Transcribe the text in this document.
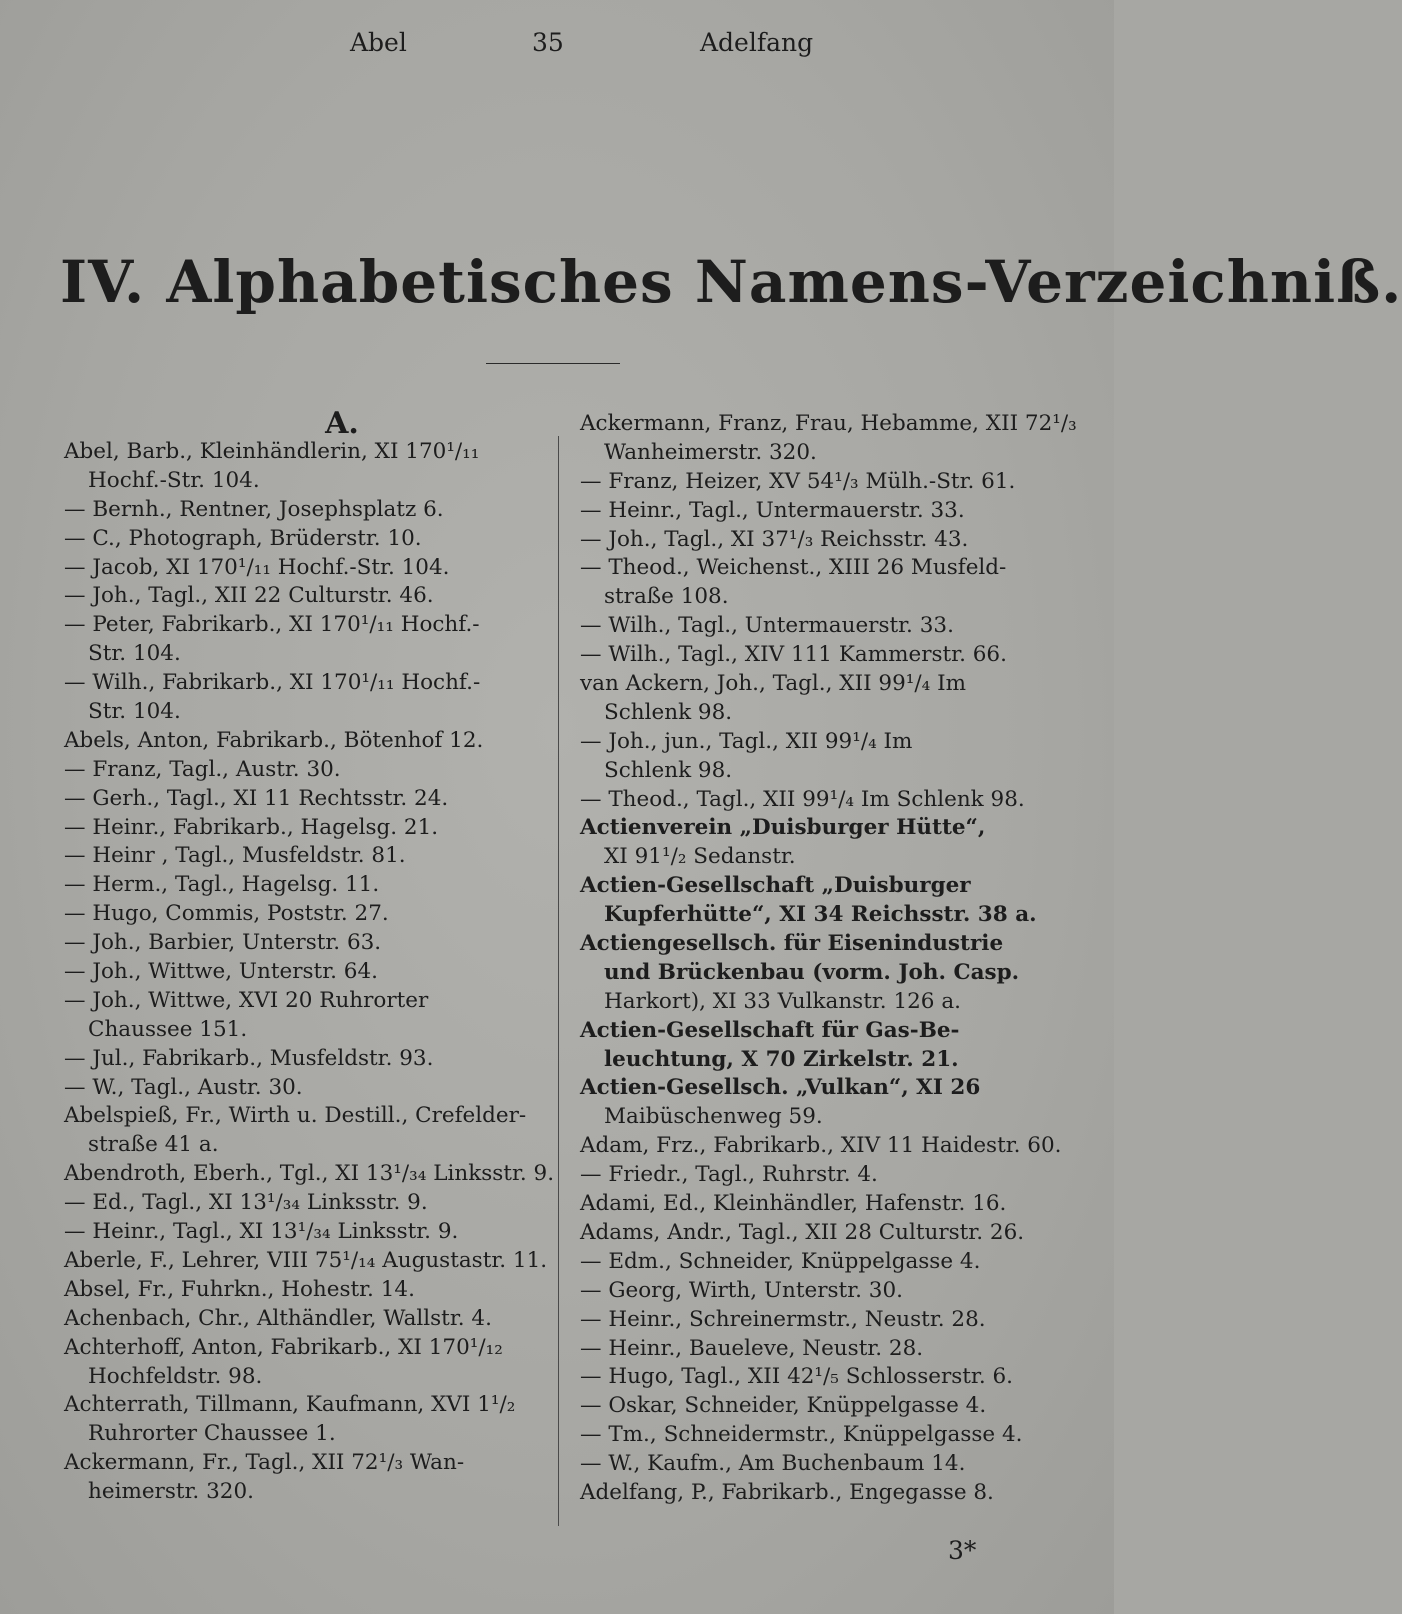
Abel	35	Adelfang
IV. Alphabetisches Namens-Verzeichniß.
A.
Abel, Barb., Kleinhändlerin, XI 170¹/₁₁
Hochf.-Str. 104.
— Bernh., Rentner, Josephsplatz 6.
— C., Photograph, Brüderstr. 10.
— Jacob, XI 170¹/₁₁ Hochf.-Str. 104.
— Joh., Tagl., XII 22 Culturstr. 46.
— Peter, Fabrikarb., XI 170¹/₁₁ Hochf.-
Str. 104.
— Wilh., Fabrikarb., XI 170¹/₁₁ Hochf.-
Str. 104.
Abels, Anton, Fabrikarb., Bötenhof 12.
— Franz, Tagl., Austr. 30.
— Gerh., Tagl., XI 11 Rechtsstr. 24.
— Heinr., Fabrikarb., Hagelsg. 21.
— Heinr , Tagl., Musfeldstr. 81.
— Herm., Tagl., Hagelsg. 11.
— Hugo, Commis, Poststr. 27.
— Joh., Barbier, Unterstr. 63.
— Joh., Wittwe, Unterstr. 64.
— Joh., Wittwe, XVI 20 Ruhrorter
Chaussee 151.
— Jul., Fabrikarb., Musfeldstr. 93.
— W., Tagl., Austr. 30.
Abelspieß, Fr., Wirth u. Destill., Crefelder-
straße 41 a.
Abendroth, Eberh., Tgl., XI 13¹/₃₄ Linksstr. 9.
— Ed., Tagl., XI 13¹/₃₄ Linksstr. 9.
— Heinr., Tagl., XI 13¹/₃₄ Linksstr. 9.
Aberle, F., Lehrer, VIII 75¹/₁₄ Augustastr. 11.
Absel, Fr., Fuhrkn., Hohestr. 14.
Achenbach, Chr., Althändler, Wallstr. 4.
Achterhoff, Anton, Fabrikarb., XI 170¹/₁₂
Hochfeldstr. 98.
Achterrath, Tillmann, Kaufmann, XVI 1¹/₂
Ruhrorter Chaussee 1.
Ackermann, Fr., Tagl., XII 72¹/₃ Wan-
heimerstr. 320.
Ackermann, Franz, Frau, Hebamme, XII 72¹/₃
Wanheimerstr. 320.
— Franz, Heizer, XV 54¹/₃ Mülh.-Str. 61.
— Heinr., Tagl., Untermauerstr. 33.
— Joh., Tagl., XI 37¹/₃ Reichsstr. 43.
— Theod., Weichenst., XIII 26 Musfeld-
straße 108.
— Wilh., Tagl., Untermauerstr. 33.
— Wilh., Tagl., XIV 111 Kammerstr. 66.
van Ackern, Joh., Tagl., XII 99¹/₄ Im
Schlenk 98.
— Joh., jun., Tagl., XII 99¹/₄ Im
Schlenk 98.
— Theod., Tagl., XII 99¹/₄ Im Schlenk 98.
Actienverein „Duisburger Hütte“,
XI 91¹/₂ Sedanstr.
Actien-Gesellschaft „Duisburger
Kupferhütte“, XI 34 Reichsstr. 38 a.
Actiengesellsch. für Eisenindustrie
und Brückenbau (vorm. Joh. Casp.
Harkort), XI 33 Vulkanstr. 126 a.
Actien-Gesellschaft für Gas-Be-
leuchtung, X 70 Zirkelstr. 21.
Actien-Gesellsch. „Vulkan“, XI 26
Maibüschenweg 59.
Adam, Frz., Fabrikarb., XIV 11 Haidestr. 60.
— Friedr., Tagl., Ruhrstr. 4.
Adami, Ed., Kleinhändler, Hafenstr. 16.
Adams, Andr., Tagl., XII 28 Culturstr. 26.
— Edm., Schneider, Knüppelgasse 4.
— Georg, Wirth, Unterstr. 30.
— Heinr., Schreinermstr., Neustr. 28.
— Heinr., Baueleve, Neustr. 28.
— Hugo, Tagl., XII 42¹/₅ Schlosserstr. 6.
— Oskar, Schneider, Knüppelgasse 4.
— Tm., Schneidermstr., Knüppelgasse 4.
— W., Kaufm., Am Buchenbaum 14.
Adelfang, P., Fabrikarb., Engegasse 8.
3*
